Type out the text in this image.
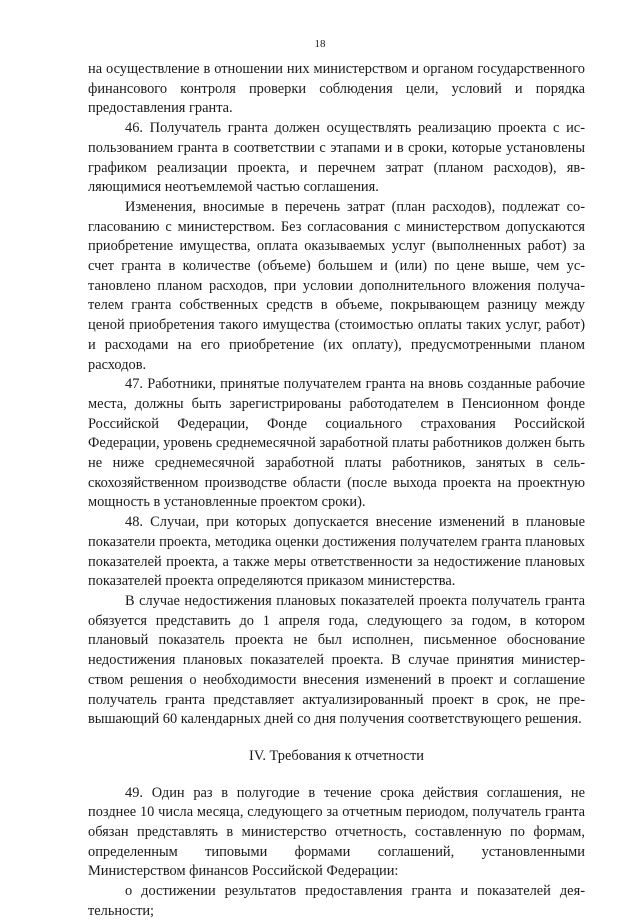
18

на осуществление в отношении них министерством и органом государственного финансового контроля проверки соблюдения цели, условий и порядка предоставления гранта.

46. Получатель гранта должен осуществлять реализацию проекта с использованием гранта в соответствии с этапами и в сроки, которые установлены графиком реализации проекта, и перечнем затрат (планом расходов), являющимися неотъемлемой частью соглашения.

Изменения, вносимые в перечень затрат (план расходов), подлежат согласованию с министерством. Без согласования с министерством допускаются приобретение имущества, оплата оказываемых услуг (выполненных работ) за счет гранта в количестве (объеме) большем и (или) по цене выше, чем установлено планом расходов, при условии дополнительного вложения получателем гранта собственных средств в объеме, покрывающем разницу между ценой приобретения такого имущества (стоимостью оплаты таких услуг, работ) и расходами на его приобретение (их оплату), предусмотренными планом расходов.

47. Работники, принятые получателем гранта на вновь созданные рабочие места, должны быть зарегистрированы работодателем в Пенсионном фонде Российской Федерации, Фонде социального страхования Российской Федерации, уровень среднемесячной заработной платы работников должен быть не ниже среднемесячной заработной платы работников, занятых в сельскохозяйственном производстве области (после выхода проекта на проектную мощность в установленные проектом сроки).

48. Случаи, при которых допускается внесение изменений в плановые показатели проекта, методика оценки достижения получателем гранта плановых показателей проекта, а также меры ответственности за недостижение плановых показателей проекта определяются приказом министерства.

В случае недостижения плановых показателей проекта получатель гранта обязуется представить до 1 апреля года, следующего за годом, в котором плановый показатель проекта не был исполнен, письменное обоснование недостижения плановых показателей проекта. В случае принятия министерством решения о необходимости внесения изменений в проект и соглашение получатель гранта представляет актуализированный проект в срок, не превышающий 60 календарных дней со дня получения соответствующего решения.

IV. Требования к отчетности

49. Один раз в полугодие в течение срока действия соглашения, не позднее 10 числа месяца, следующего за отчетным периодом, получатель гранта обязан представлять в министерство отчетность, составленную по формам, определенным типовыми формами соглашений, установленными Министерством финансов Российской Федерации:

о достижении результатов предоставления гранта и показателей деятельности;
